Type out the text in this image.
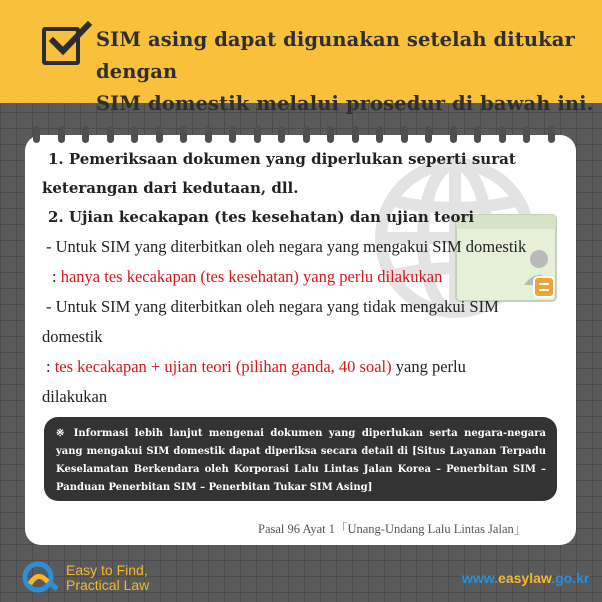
SIM asing dapat digunakan setelah ditukar dengan
SIM domestik melalui prosedur di bawah ini.
1. Pemeriksaan dokumen yang diperlukan seperti surat
keterangan dari kedutaan, dll.
2. Ujian kecakapan (tes kesehatan) dan ujian teori
- Untuk SIM yang diterbitkan oleh negara yang mengakui SIM domestik
: hanya tes kecakapan (tes kesehatan) yang perlu dilakukan
- Untuk SIM yang diterbitkan oleh negara yang tidak mengakui SIM
domestik
: tes kecakapan + ujian teori (pilihan ganda, 40 soal) yang perlu
dilakukan
※ Informasi lebih lanjut mengenai dokumen yang diperlukan serta negara-negara yang mengakui SIM domestik dapat diperiksa secara detail di [Situs Layanan Terpadu Keselamatan Berkendara oleh Korporasi Lalu Lintas Jalan Korea – Penerbitan SIM – Panduan Penerbitan SIM – Penerbitan Tukar SIM Asing]
Pasal 96 Ayat 1「Unang-Undang Lalu Lintas Jalan」
Easy to Find,
Practical Law	www.easylaw.go.kr
